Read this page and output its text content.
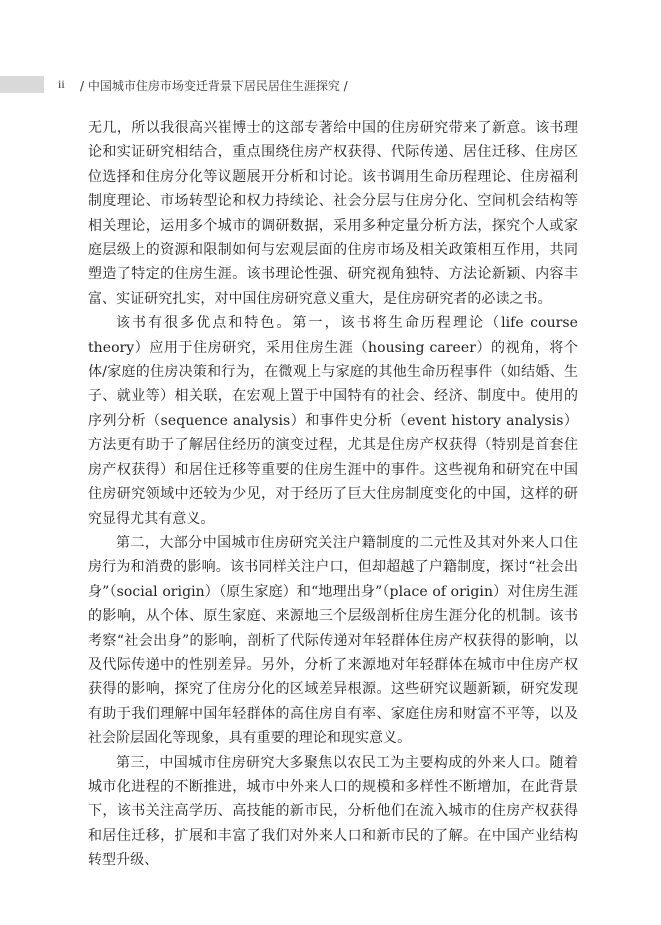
ii / 中国城市住房市场变迁背景下居民居住生涯探究 /

无几，所以我很高兴崔博士的这部专著给中国的住房研究带来了新意。该书理论和实证研究相结合，重点围绕住房产权获得、代际传递、居住迁移、住房区位选择和住房分化等议题展开分析和讨论。该书调用生命历程理论、住房福利制度理论、市场转型论和权力持续论、社会分层与住房分化、空间机会结构等相关理论，运用多个城市的调研数据，采用多种定量分析方法，探究个人或家庭层级上的资源和限制如何与宏观层面的住房市场及相关政策相互作用，共同塑造了特定的住房生涯。该书理论性强、研究视角独特、方法论新颖、内容丰富、实证研究扎实，对中国住房研究意义重大，是住房研究者的必读之书。

该书有很多优点和特色。第一，该书将生命历程理论（life course theory）应用于住房研究，采用住房生涯（housing career）的视角，将个体/家庭的住房决策和行为，在微观上与家庭的其他生命历程事件（如结婚、生子、就业等）相关联，在宏观上置于中国特有的社会、经济、制度中。使用的序列分析（sequence analysis）和事件史分析（event history analysis）方法更有助于了解居住经历的演变过程，尤其是住房产权获得（特别是首套住房产权获得）和居住迁移等重要的住房生涯中的事件。这些视角和研究在中国住房研究领域中还较为少见，对于经历了巨大住房制度变化的中国，这样的研究显得尤其有意义。

第二，大部分中国城市住房研究关注户籍制度的二元性及其对外来人口住房行为和消费的影响。该书同样关注户口，但却超越了户籍制度，探讨“社会出身”（social origin）（原生家庭）和“地理出身”（place of origin）对住房生涯的影响，从个体、原生家庭、来源地三个层级剖析住房生涯分化的机制。该书考察“社会出身”的影响，剖析了代际传递对年轻群体住房产权获得的影响，以及代际传递中的性别差异。另外，分析了来源地对年轻群体在城市中住房产权获得的影响，探究了住房分化的区域差异根源。这些研究议题新颖，研究发现有助于我们理解中国年轻群体的高住房自有率、家庭住房和财富不平等，以及社会阶层固化等现象，具有重要的理论和现实意义。

第三，中国城市住房研究大多聚焦以农民工为主要构成的外来人口。随着城市化进程的不断推进，城市中外来人口的规模和多样性不断增加，在此背景下，该书关注高学历、高技能的新市民，分析他们在流入城市的住房产权获得和居住迁移，扩展和丰富了我们对外来人口和新市民的了解。在中国产业结构转型升级、
